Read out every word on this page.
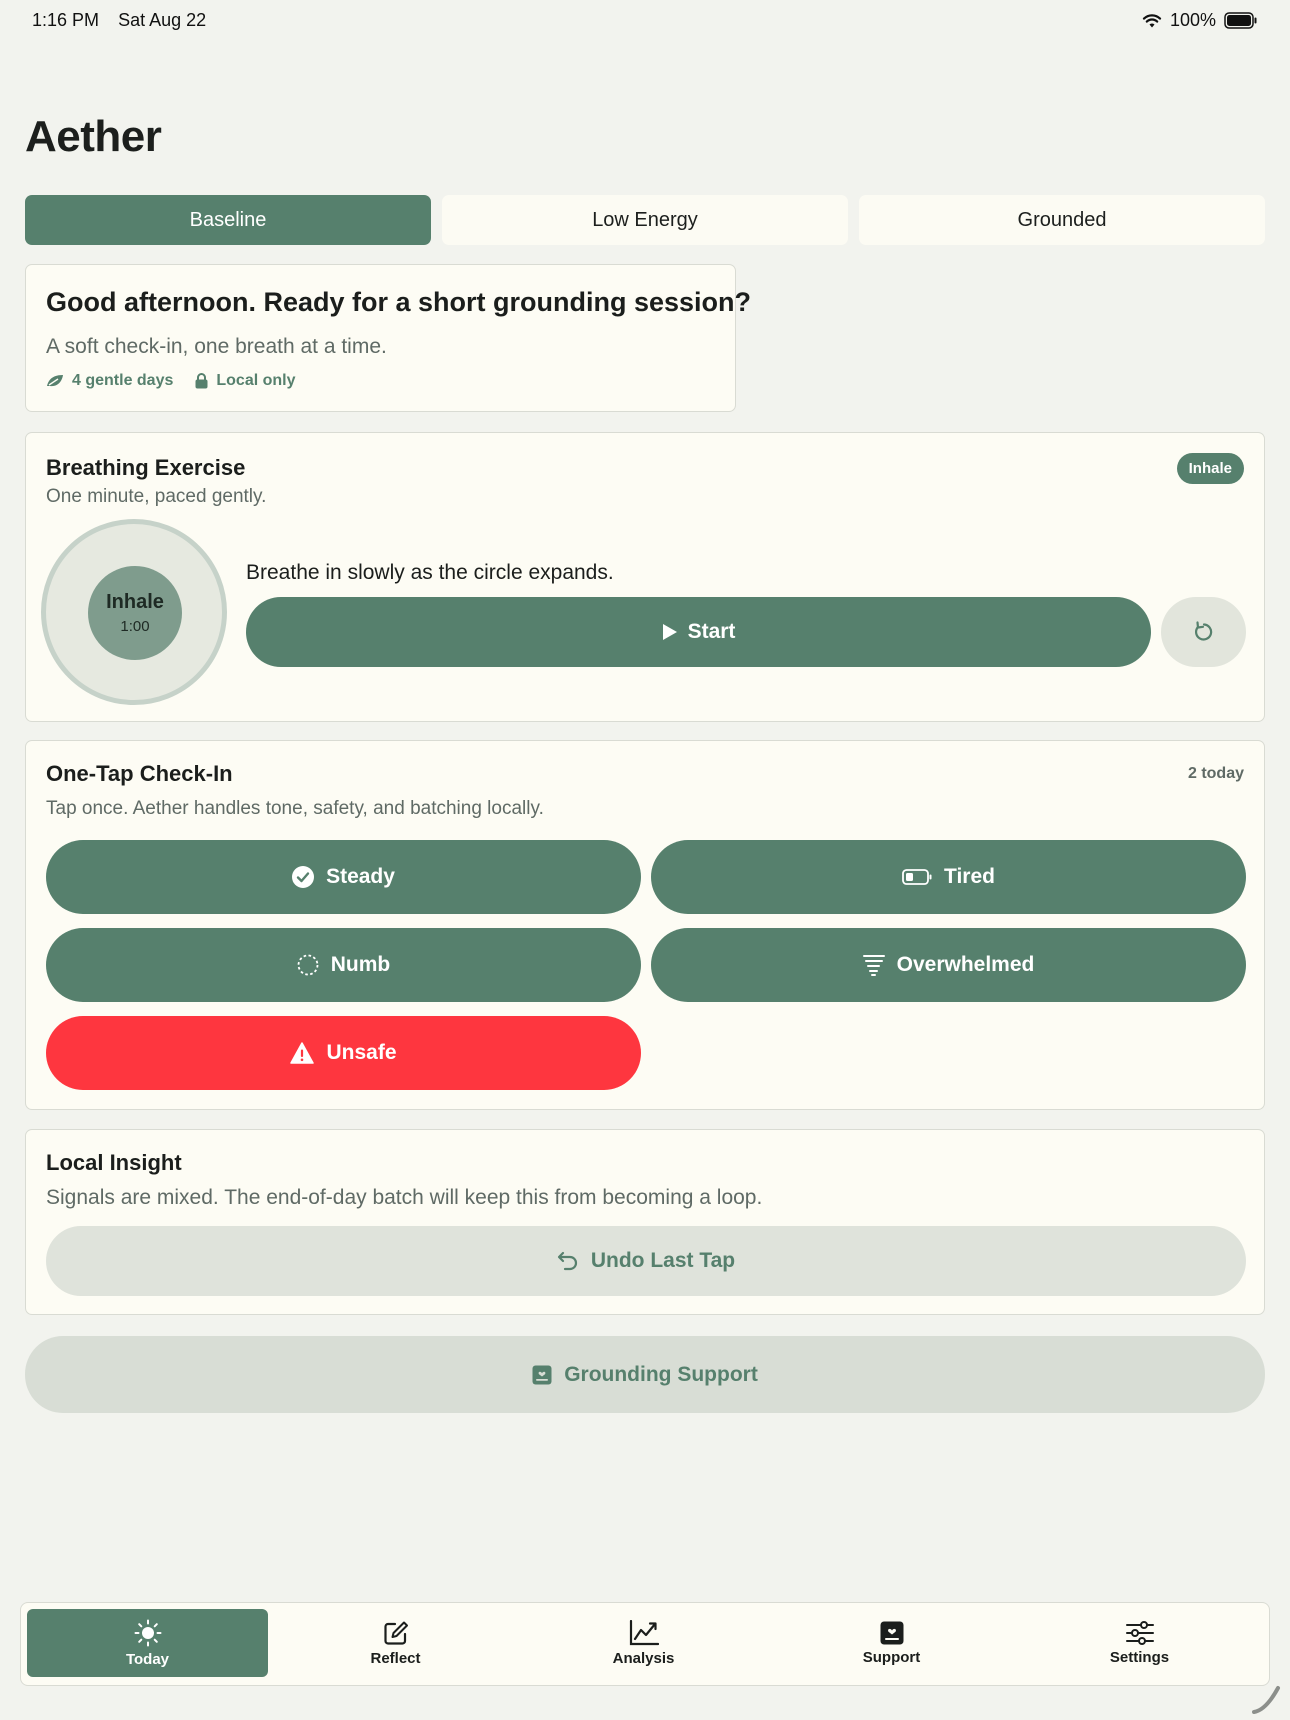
1:16 PM Sat Aug 22	100%
Aether
Baseline	Low Energy	Grounded
Good afternoon. Ready for a short grounding session?
A soft check-in, one breath at a time.
4 gentle days	Local only
Breathing Exercise
One minute, paced gently.
Inhale
Inhale
1:00
Breathe in slowly as the circle expands.
Start
One-Tap Check-In	2 today
Tap once. Aether handles tone, safety, and batching locally.
Steady	Tired
Numb	Overwhelmed
Unsafe
Local Insight
Signals are mixed. The end-of-day batch will keep this from becoming a loop.
Undo Last Tap
Grounding Support
Today	Reflect	Analysis	Support	Settings
